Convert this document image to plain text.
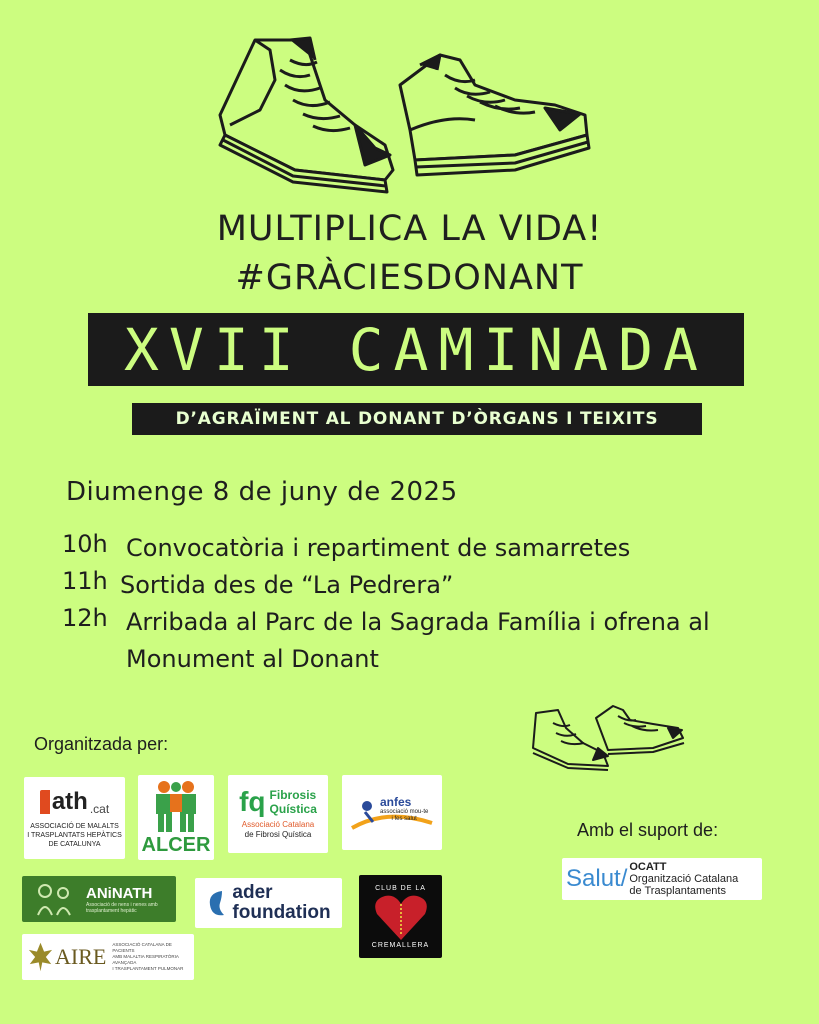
MULTIPLICA LA VIDA!
#GRÀCIESDONANT
XVII CAMINADA
D’AGRAÏMENT AL DONANT D’ÒRGANS I TEIXITS
Diumenge 8 de juny de 2025
10h Convocatòria i repartiment de samarretes
11h Sortida des de “La Pedrera”
12h Arribada al Parc de la Sagrada Família i ofrena al Monument al Donant
Organitzada per:
Amb el suport de:
ath .cat
ASSOCIACIÓ DE MALALTS
I TRASPLANTATS HEPÀTICS
DE CATALUNYA ALCER
fq Fibrosis
Quística
Associació Catalana
de Fibrosi Quística
anfes
associació mou-te
i fes salut
ANiNATH
Associació de nens i nenes amb
trasplantament hepàtic
ader
foundation
CLUB DE LA
CREMALLERA
AIRE ASSOCIACIÓ CATALANA DE PACIENTS
AMB MALALTIA RESPIRATÒRIA AVANÇADA
I TRASPLANTAMENT PULMONAR
Salut/ OCATT
Organització Catalana
de Trasplantaments
